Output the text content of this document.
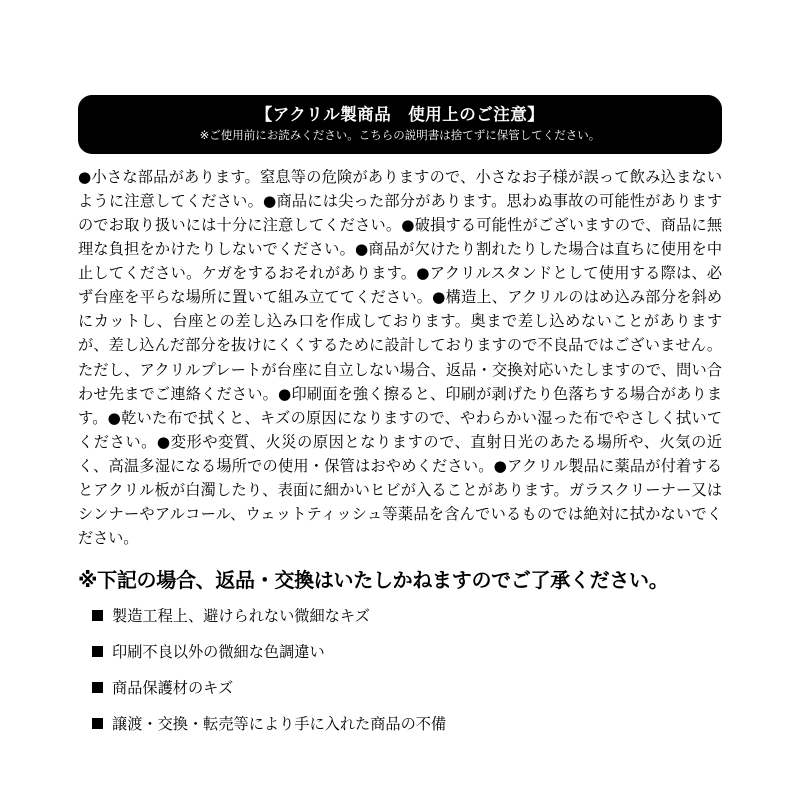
【アクリル製商品　使用上のご注意】
※ご使用前にお読みください。こちらの説明書は捨てずに保管してください。
●小さな部品があります。窒息等の危険がありますので、小さなお子様が誤って飲み込まないように注意してください。●商品には尖った部分があります。思わぬ事故の可能性がありますのでお取り扱いには十分に注意してください。●破損する可能性がございますので、商品に無理な負担をかけたりしないでください。●商品が欠けたり割れたりした場合は直ちに使用を中止してください。ケガをするおそれがあります。●アクリルスタンドとして使用する際は、必ず台座を平らな場所に置いて組み立ててください。●構造上、アクリルのはめ込み部分を斜めにカットし、台座との差し込み口を作成しております。奥まで差し込めないことがありますが、差し込んだ部分を抜けにくくするために設計しておりますので不良品ではございません。ただし、アクリルプレートが台座に自立しない場合、返品・交換対応いたしますので、問い合わせ先までご連絡ください。●印刷面を強く擦ると、印刷が剥げたり色落ちする場合があります。●乾いた布で拭くと、キズの原因になりますので、やわらかい湿った布でやさしく拭いてください。●変形や変質、火災の原因となりますので、直射日光のあたる場所や、火気の近く、高温多湿になる場所での使用・保管はおやめください。●アクリル製品に薬品が付着するとアクリル板が白濁したり、表面に細かいヒビが入ることがあります。ガラスクリーナー又はシンナーやアルコール、ウェットティッシュ等薬品を含んでいるものでは絶対に拭かないでください。
※下記の場合、返品・交換はいたしかねますのでご了承ください。
製造工程上、避けられない微細なキズ
印刷不良以外の微細な色調違い
商品保護材のキズ
譲渡・交換・転売等により手に入れた商品の不備
